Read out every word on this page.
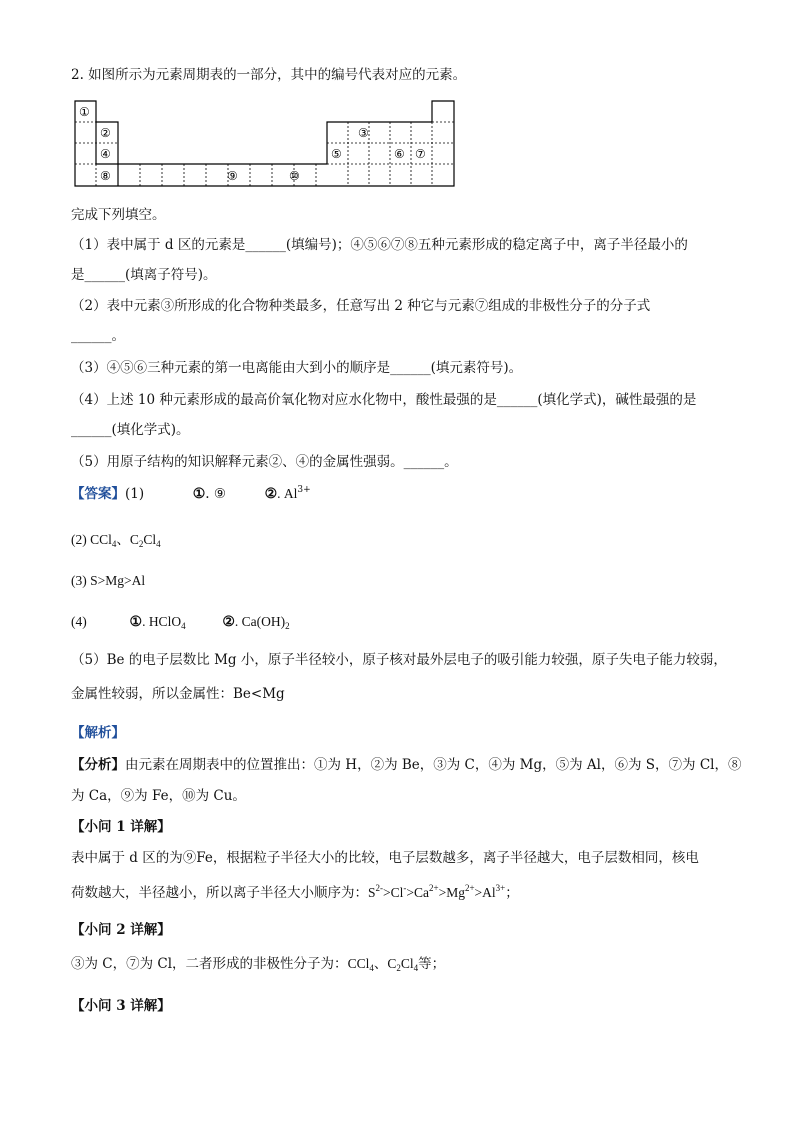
2. 如图所示为元素周期表的一部分，其中的编号代表对应的元素。
①
②	③
④	⑤	⑥ ⑦
⑧	⑨	⑩
完成下列填空。
（1）表中属于 d 区的元素是______(填编号)；④⑤⑥⑦⑧五种元素形成的稳定离子中，离子半径最小的
是______(填离子符号)。
（2）表中元素③所形成的化合物种类最多，任意写出 2 种它与元素⑦组成的非极性分子的分子式
______。
（3）④⑤⑥三种元素的第一电离能由大到小的顺序是______(填元素符号)。
（4）上述 10 种元素形成的最高价氧化物对应水化物中，酸性最强的是______(填化学式)，碱性最强的是
______(填化学式)。
（5）用原子结构的知识解释元素②、④的金属性强弱。______。
【答案】(1)	①. ⑨	②. $Al^{3+}$
(2) CCl$_4$、$C_2Cl_4$
(3) S>Mg>Al
(4)	①. HClO$_4$	②. $Ca(OH)_2$
（5）Be 的电子层数比 Mg 小，原子半径较小，原子核对最外层电子的吸引能力较强，原子失电子能力较弱，
金属性较弱，所以金属性：Be<Mg
【解析】
【分析】由元素在周期表中的位置推出：①为 H，②为 Be，③为 C，④为 Mg，⑤为 Al，⑥为 S，⑦为 Cl，⑧
为 Ca，⑨为 Fe，⑩为 Cu。
【小问 1 详解】
表中属于 d 区的为⑨Fe，根据粒子半径大小的比较，电子层数越多，离子半径越大，电子层数相同，核电
荷数越大，半径越小，所以离子半径大小顺序为：$S^{2-}>Cl^->Ca^{2+}>Mg^{2+}>Al^{3+}$；
【小问 2 详解】
③为 C，⑦为 Cl，二者形成的非极性分子为：CCl$_4$、$C_2Cl_4$等；
【小问 3 详解】
